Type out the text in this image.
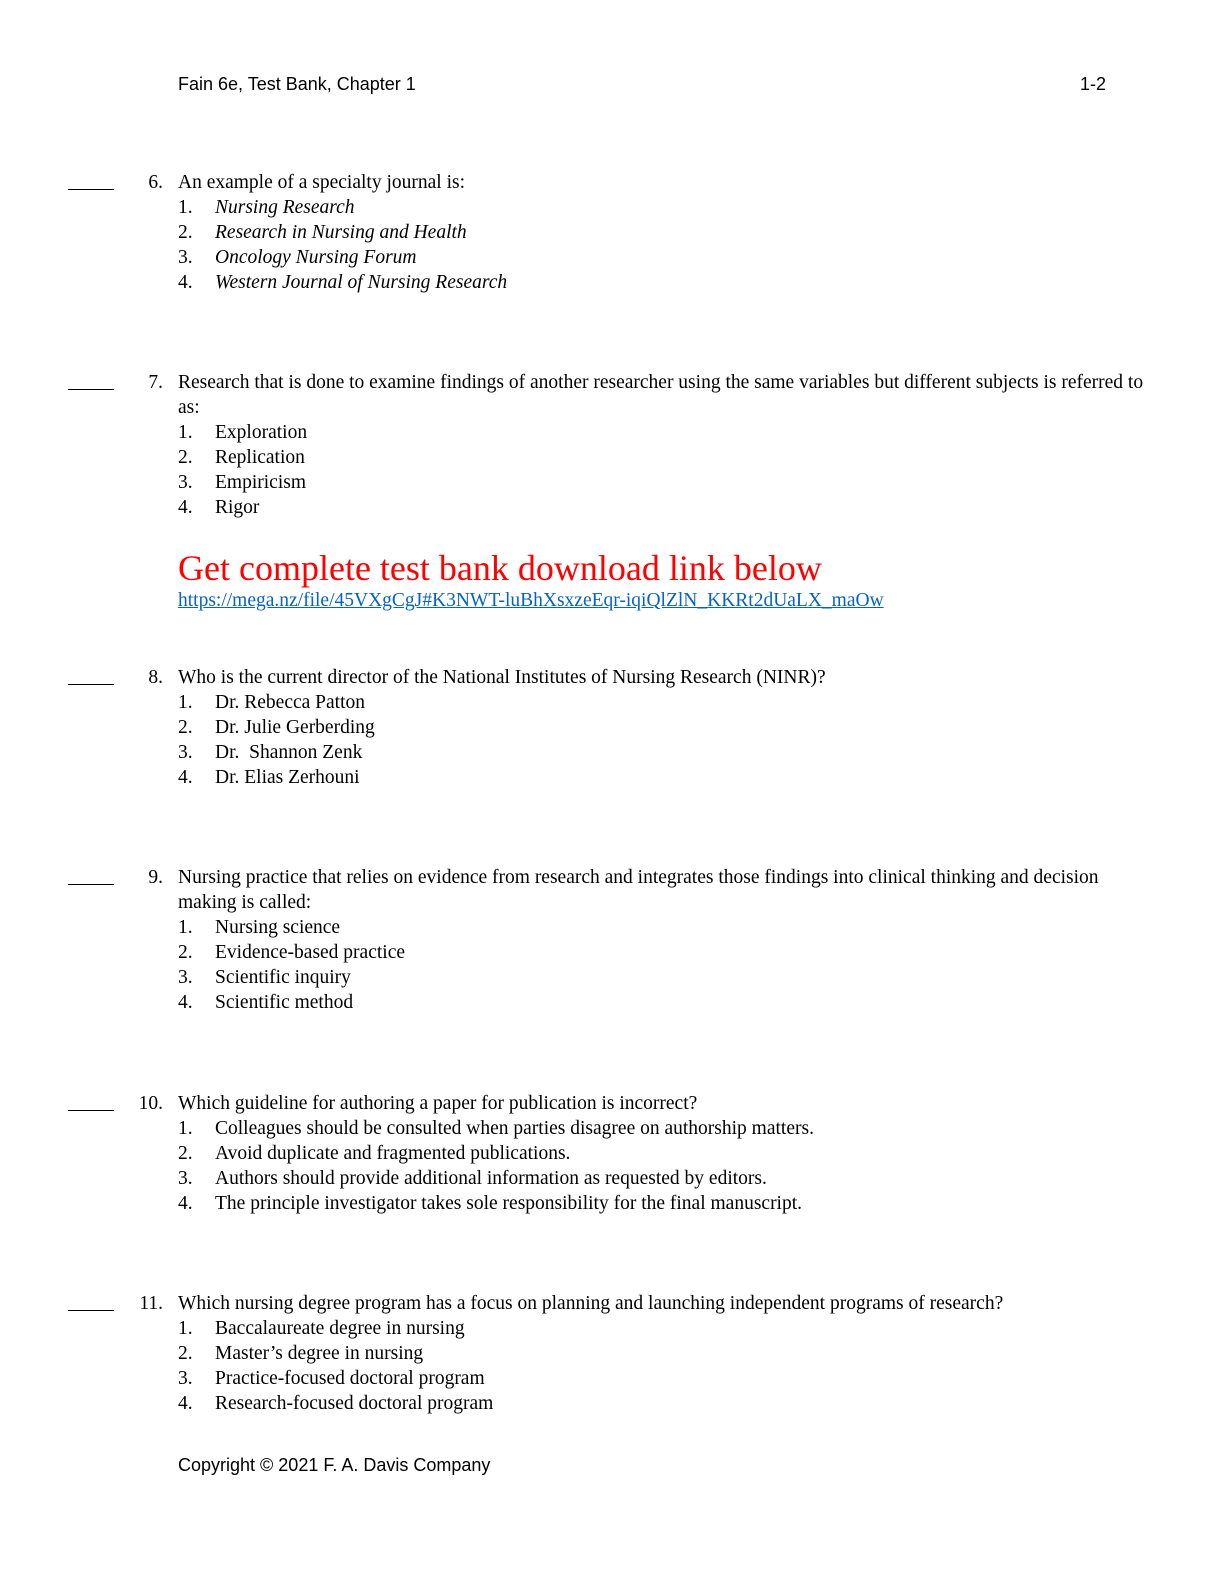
Fain 6e, Test Bank, Chapter 1	1-2
6. An example of a specialty journal is:
1. Nursing Research
2. Research in Nursing and Health
3. Oncology Nursing Forum
4. Western Journal of Nursing Research
7. Research that is done to examine findings of another researcher using the same variables but different subjects is referred to as:
1. Exploration
2. Replication
3. Empiricism
4. Rigor
Get complete test bank download link below
https://mega.nz/file/45VXgCgJ#K3NWT-luBhXsxzeEqr-iqiQlZlN_KKRt2dUaLX_maOw
8. Who is the current director of the National Institutes of Nursing Research (NINR)?
1. Dr. Rebecca Patton
2. Dr. Julie Gerberding
3. Dr.  Shannon Zenk
4. Dr. Elias Zerhouni
9. Nursing practice that relies on evidence from research and integrates those findings into clinical thinking and decision making is called:
1. Nursing science
2. Evidence-based practice
3. Scientific inquiry
4. Scientific method
10. Which guideline for authoring a paper for publication is incorrect?
1. Colleagues should be consulted when parties disagree on authorship matters.
2. Avoid duplicate and fragmented publications.
3. Authors should provide additional information as requested by editors.
4. The principle investigator takes sole responsibility for the final manuscript.
11. Which nursing degree program has a focus on planning and launching independent programs of research?
1. Baccalaureate degree in nursing
2. Master’s degree in nursing
3. Practice-focused doctoral program
4. Research-focused doctoral program
Copyright © 2021 F. A. Davis Company
